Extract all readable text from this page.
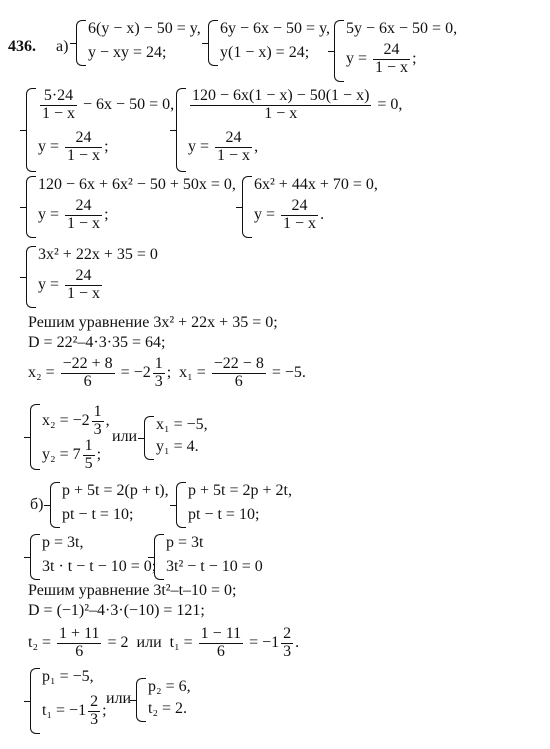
436. а)
6(y − x) − 50 = y,
y − xy = 24;
6y − 6x − 50 = y,
y(1 − x) = 24;
5y − 6x − 50 = 0,
$y = \frac{24}{1 - x}$ ;
$\frac{5\cdot 24}{1 - x} - 6x - 50 = 0$,
$y = \frac{24}{1 - x}$ ;
$\frac{120 - 6x(1 - x) - 50(1 - x)}{1 - x} = 0$,
$y = \frac{24}{1 - x}$ ,
120 − 6x + 6x² − 50 + 50x = 0,
$y = \frac{24}{1 - x}$ ;
6x² + 44x + 70 = 0,
$y = \frac{24}{1 - x}$ .
3x² + 22x + 35 = 0
$y = \frac{24}{1 - x}$
Решим уравнение 3x² + 22x + 35 = 0;
D = 22²–4·3·35 = 64;
$x_2 = \frac{-22 + 8}{6} = -2 \frac{1}{3}$ ; $x_1 = \frac{-22 - 8}{6} = -5$.
$x_2 = -2 \frac{1}{3}$ ,
$y_2 = 7 \frac{1}{5}$ ;
или
x₁ = −5,
y₁ = 4.
б)
p + 5t = 2(p + t),
pt − t = 10;
p + 5t = 2p + 2t,
pt − t = 10;
p = 3t,
3t · t − t − 10 = 0;
p = 3t
3t² − t − 10 = 0
Решим уравнение 3t²–t–10 = 0;
D = (−1)²–4·3·(−10) = 121;
$t_2 = \frac{1 + 11}{6} = 2$ или $t_1 = \frac{1 - 11}{6} = -1 \frac{2}{3}$ .
p₁ = −5,
$t_1 = -1 \frac{2}{3}$ ;
или
p₂ = 6,
t₂ = 2.
